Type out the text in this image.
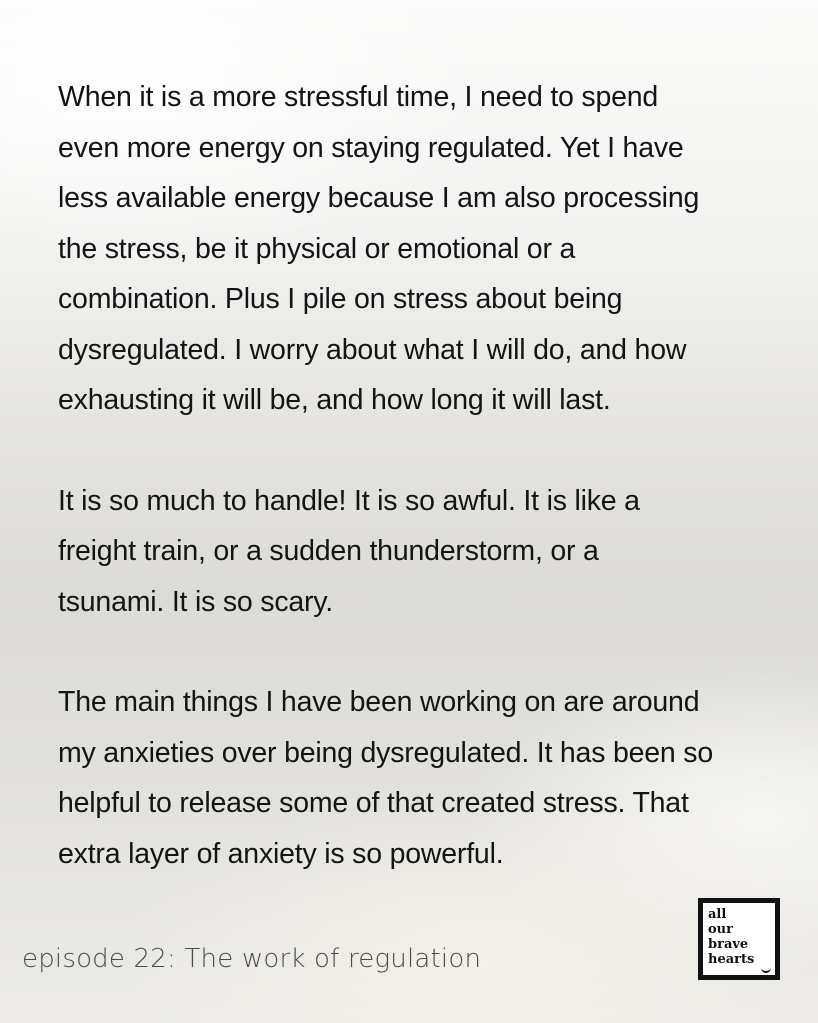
When it is a more stressful time, I need to spend
even more energy on staying regulated. Yet I have
less available energy because I am also processing
the stress, be it physical or emotional or a
combination. Plus I pile on stress about being
dysregulated. I worry about what I will do, and how
exhausting it will be, and how long it will last.

It is so much to handle! It is so awful. It is like a
freight train, or a sudden thunderstorm, or a
tsunami. It is so scary.

The main things I have been working on are around
my anxieties over being dysregulated. It has been so
helpful to release some of that created stress. That
extra layer of anxiety is so powerful.

episode 22: The work of regulation
all
our
brave
hearts
